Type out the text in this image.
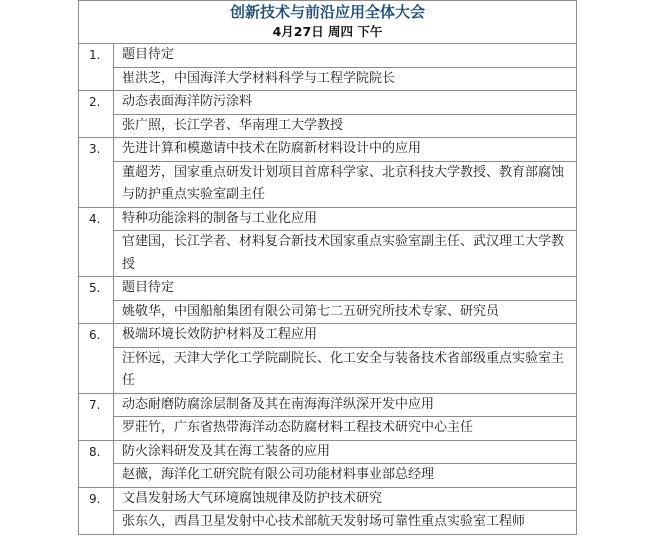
创新技术与前沿应用全体大会
4月27日 周四 下午	

1.	题目待定
崔洪芝，中国海洋大学材料科学与工程学院院长

2.	动态表面海洋防污涂料
张广照，长江学者、华南理工大学教授

3.	先进计算和模邀请中技术在防腐新材料设计中的应用
董超芳，国家重点研发计划项目首席科学家、北京科技大学教授、教育部腐蚀与防护重点实验室副主任

4.	特种功能涂料的制备与工业化应用
官建国，长江学者、材料复合新技术国家重点实验室副主任、武汉理工大学教授

5.	题目待定
姚敬华，中国船舶集团有限公司第七二五研究所技术专家、研究员

6.	极端环境长效防护材料及工程应用
汪怀远，天津大学化工学院副院长、化工安全与装备技术省部级重点实验室主任

7.	动态耐磨防腐涂层制备及其在南海海洋纵深开发中应用
罗莊竹，广东省热带海洋动态防腐材料工程技术研究中心主任

8.	防火涂料研发及其在海工装备的应用
赵薇，海洋化工研究院有限公司功能材料事业部总经理

9.	文昌发射场大气环境腐蚀规律及防护技术研究
张东久，西昌卫星发射中心技术部航天发射场可靠性重点实验室工程师
